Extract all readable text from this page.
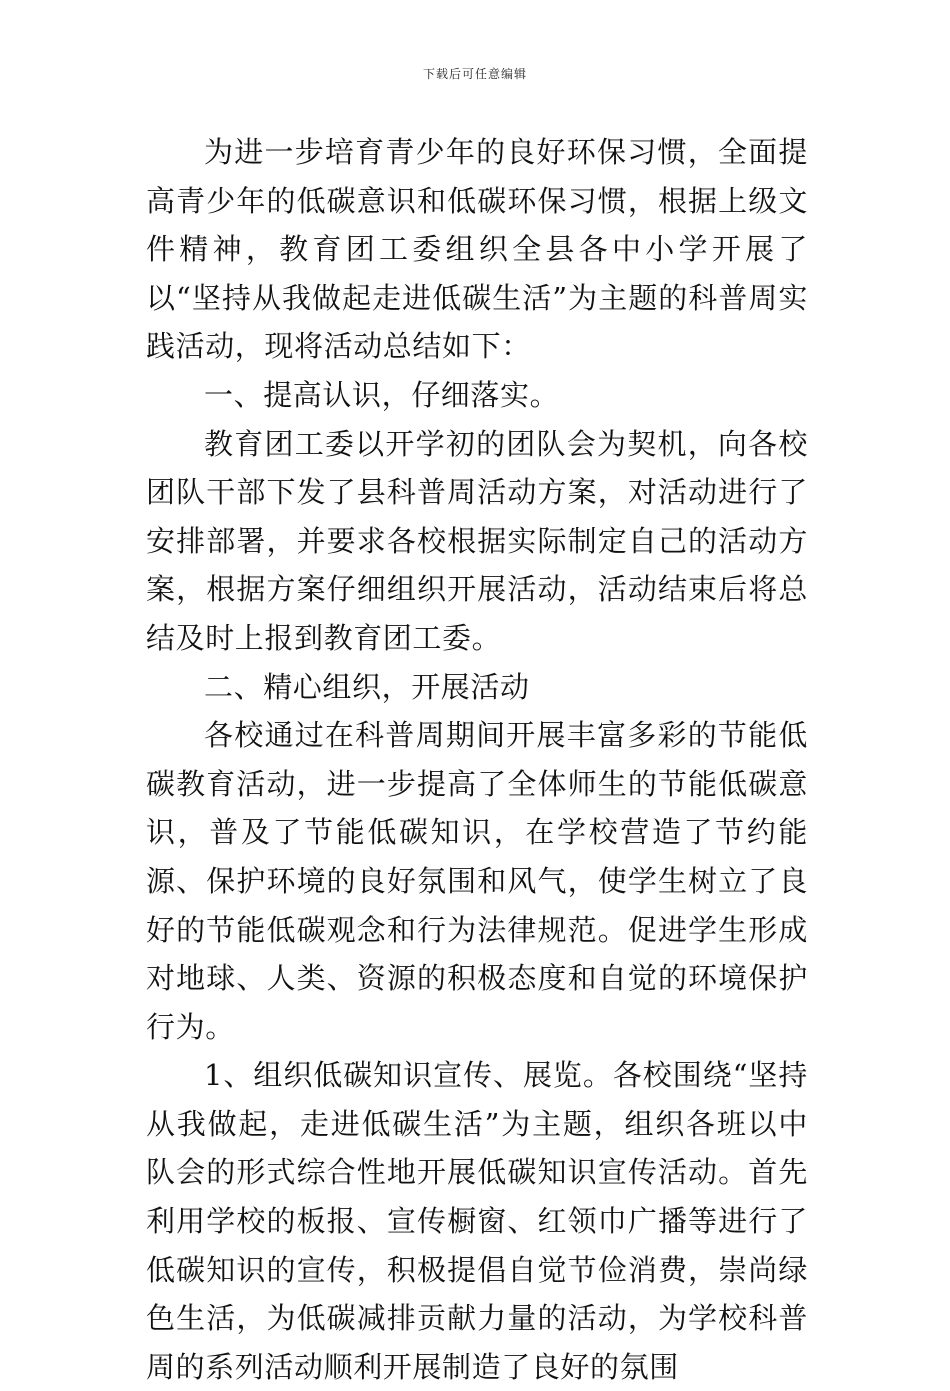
下载后可任意编辑

为进一步培育青少年的良好环保习惯，全面提高青少年的低碳意识和低碳环保习惯，根据上级文件精神，教育团工委组织全县各中小学开展了以“坚持从我做起走进低碳生活”为主题的科普周实践活动，现将活动总结如下：

一、提高认识，仔细落实。

教育团工委以开学初的团队会为契机，向各校团队干部下发了县科普周活动方案，对活动进行了安排部署，并要求各校根据实际制定自己的活动方案，根据方案仔细组织开展活动，活动结束后将总结及时上报到教育团工委。

二、精心组织，开展活动

各校通过在科普周期间开展丰富多彩的节能低碳教育活动，进一步提高了全体师生的节能低碳意识，普及了节能低碳知识，在学校营造了节约能源、保护环境的良好氛围和风气，使学生树立了良好的节能低碳观念和行为法律规范。促进学生形成对地球、人类、资源的积极态度和自觉的环境保护行为。

1、组织低碳知识宣传、展览。各校围绕“坚持从我做起，走进低碳生活”为主题，组织各班以中队会的形式综合性地开展低碳知识宣传活动。首先利用学校的板报、宣传橱窗、红领巾广播等进行了低碳知识的宣传，积极提倡自觉节俭消费，崇尚绿色生活，为低碳减排贡献力量的活动，为学校科普周的系列活动顺利开展制造了良好的氛围
